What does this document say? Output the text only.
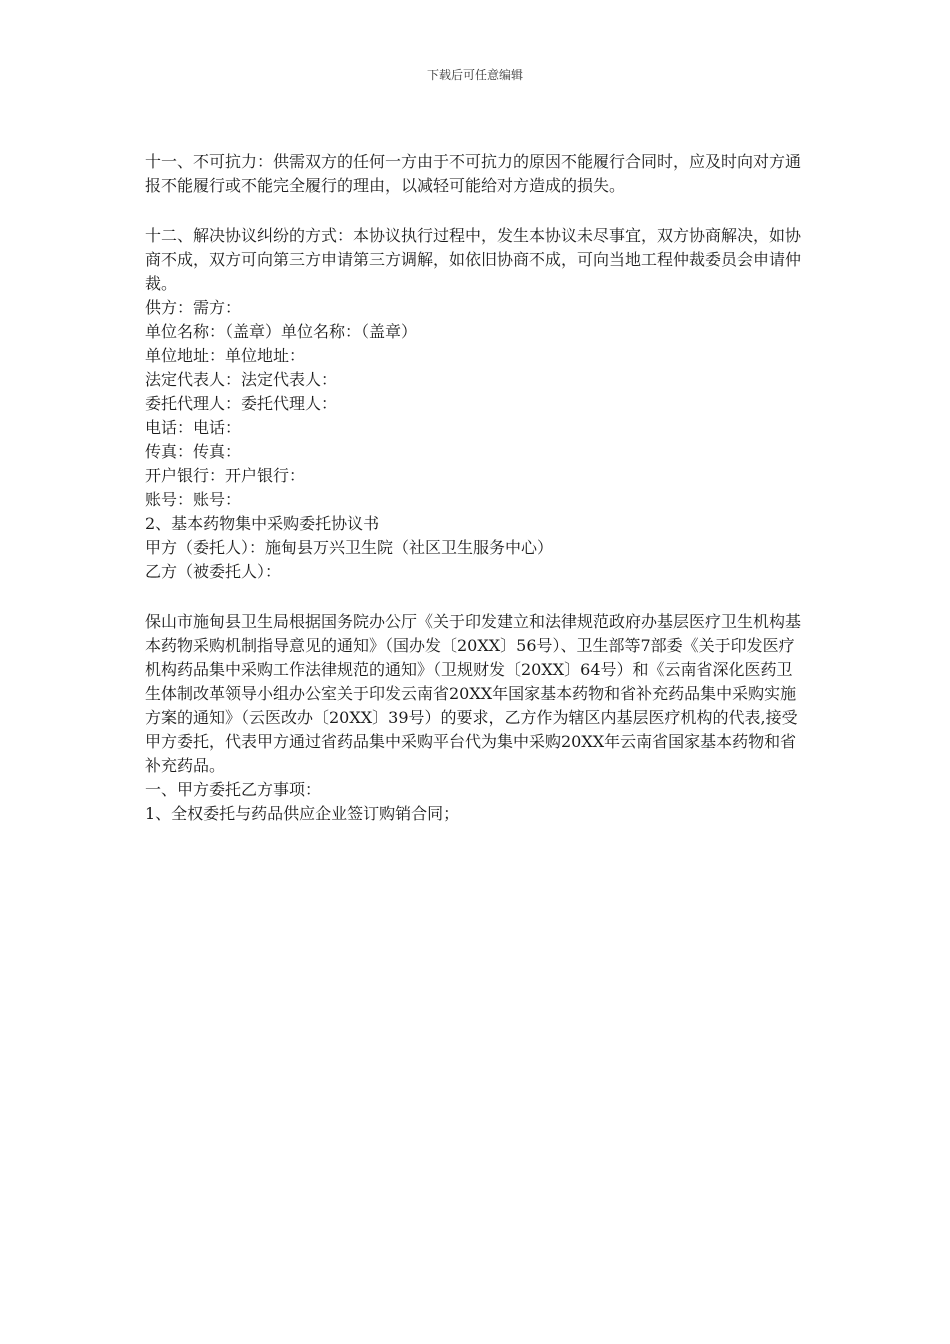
下载后可任意编辑

十一、不可抗力：供需双方的任何一方由于不可抗力的原因不能履行合同时，应及时向对方通报不能履行或不能完全履行的理由，以减轻可能给对方造成的损失。

十二、解决协议纠纷的方式：本协议执行过程中，发生本协议未尽事宜，双方协商解决，如协商不成，双方可向第三方申请第三方调解，如依旧协商不成，可向当地工程仲裁委员会申请仲裁。

供方：需方：

单位名称：（盖章）单位名称：（盖章）

单位地址：单位地址：

法定代表人：法定代表人：

委托代理人：委托代理人：

电话：电话：

传真：传真：

开户银行：开户银行：

账号：账号：

2、基本药物集中采购委托协议书

甲方（委托人）：施甸县万兴卫生院（社区卫生服务中心）

乙方（被委托人）：

保山市施甸县卫生局根据国务院办公厅《关于印发建立和法律规范政府办基层医疗卫生机构基本药物采购机制指导意见的通知》（国办发〔20XX〕56号）、卫生部等7部委《关于印发医疗机构药品集中采购工作法律规范的通知》（卫规财发〔20XX〕64号）和《云南省深化医药卫生体制改革领导小组办公室关于印发云南省20XX年国家基本药物和省补充药品集中采购实施方案的通知》（云医改办〔20XX〕39号）的要求，乙方作为辖区内基层医疗机构的代表,接受甲方委托，代表甲方通过省药品集中采购平台代为集中采购20XX年云南省国家基本药物和省补充药品。

一、甲方委托乙方事项：

1、全权委托与药品供应企业签订购销合同；
